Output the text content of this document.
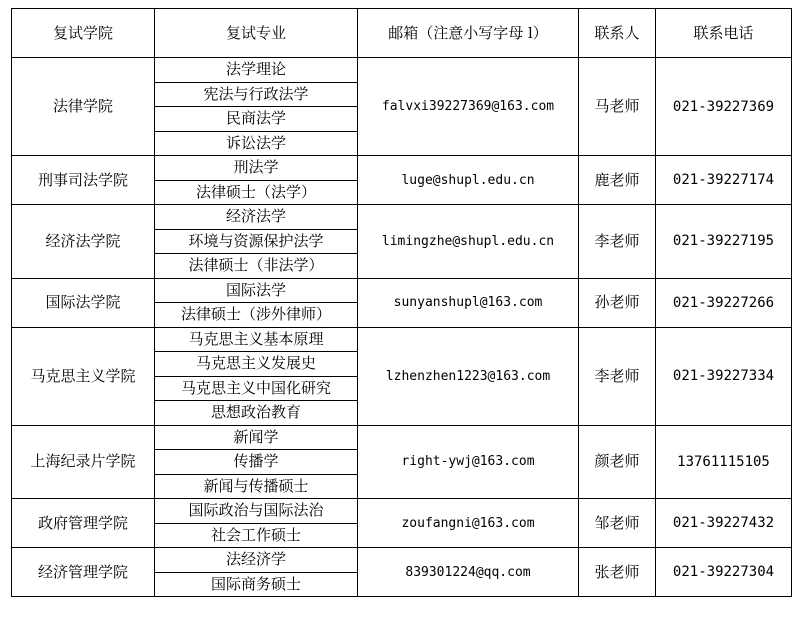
复试学院	复试专业	邮箱（注意小写字母 l）	联系人	联系电话
法律学院	法学理论	falvxi39227369@163.com	马老师	021-39227369
	宪法与行政法学			
	民商法学			
	诉讼法学			
刑事司法学院	刑法学	luge@shupl.edu.cn	鹿老师	021-39227174
	法律硕士（法学）			
经济法学院	经济法学	limingzhe@shupl.edu.cn	李老师	021-39227195
	环境与资源保护法学			
	法律硕士（非法学）			
国际法学院	国际法学	sunyanshupl@163.com	孙老师	021-39227266
	法律硕士（涉外律师）			
马克思主义学院	马克思主义基本原理	lzhenzhen1223@163.com	李老师	021-39227334
	马克思主义发展史			
	马克思主义中国化研究			
	思想政治教育			
上海纪录片学院	新闻学	right-ywj@163.com	颜老师	13761115105
	传播学			
	新闻与传播硕士			
政府管理学院	国际政治与国际法治	zoufangni@163.com	邹老师	021-39227432
	社会工作硕士			
经济管理学院	法经济学	839301224@qq.com	张老师	021-39227304
	国际商务硕士			
